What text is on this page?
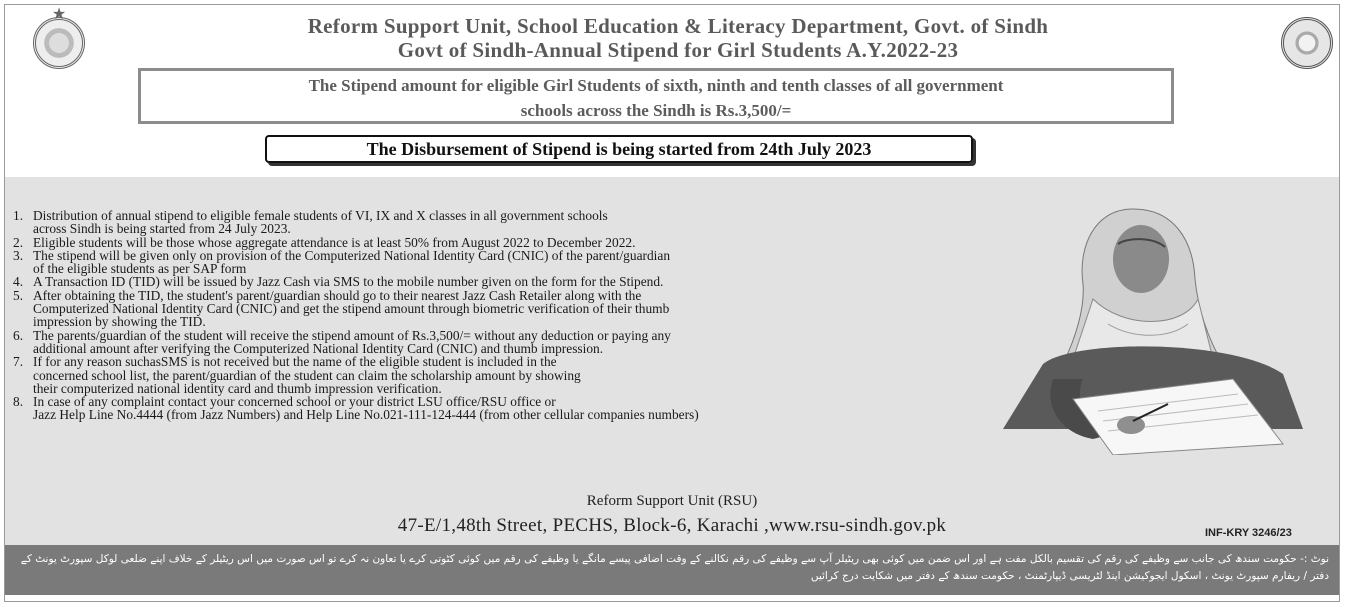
★	Reform Support Unit, School Education & Literacy Department, Govt. of Sindh
Govt of Sindh-Annual Stipend for Girl Students A.Y.2022-23
The Stipend amount for eligible Girl Students of sixth, ninth and tenth classes of all government
schools across the Sindh is Rs.3,500/=
The Disbursement of Stipend is being started from 24th July 2023
1. Distribution of annual stipend to eligible female students of VI, IX and X classes in all government schools
across Sindh is being started from 24 July 2023.
2. Eligible students will be those whose aggregate attendance is at least 50% from August 2022 to December 2022.
3. The stipend will be given only on provision of the Computerized National Identity Card (CNIC) of the parent/guardian
of the eligible students as per SAP form
4. A Transaction ID (TID) will be issued by Jazz Cash via SMS to the mobile number given on the form for the Stipend.
5. After obtaining the TID, the student's parent/guardian should go to their nearest Jazz Cash Retailer along with the
Computerized National Identity Card (CNIC) and get the stipend amount through biometric verification of their thumb
impression by showing the TID.
6. The parents/guardian of the student will receive the stipend amount of Rs.3,500/= without any deduction or paying any
additional amount after verifying the Computerized National Identity Card (CNIC) and thumb impression.
7. If for any reason suchasSMS is not received but the name of the eligible student is included in the
concerned school list, the parent/guardian of the student can claim the scholarship amount by showing
their computerized national identity card and thumb impression verification.
8. In case of any complaint contact your concerned school or your district LSU office/RSU office or
Jazz Help Line No.4444 (from Jazz Numbers) and Help Line No.021-111-124-444 (from other cellular companies numbers)
Reform Support Unit (RSU)
47-E/1,48th Street, PECHS, Block-6, Karachi ,www.rsu-sindh.gov.pk	INF-KRY 3246/23
نوٹ :- حکومت سندھ کی جانب سے وظیفے کی رقم کی تقسیم بالکل مفت ہے اور اس ضمن میں کوئی بھی ریٹیلر آپ سے وظیفے کی رقم نکالنے کے وقت اضافی پیسے مانگے یا وظیفے کی رقم میں کوئی کٹوتی کرے یا تعاون نہ کرے تو اس صورت میں اس ریٹیلر کے خلاف اپنے ضلعی لوکل سپورٹ یونٹ کے
دفتر / ریفارم سپورٹ یونٹ ، اسکول ایجوکیشن اینڈ لٹریسی ڈیپارٹمنٹ ، حکومت سندھ کے دفتر میں شکایت درج کرائیں
